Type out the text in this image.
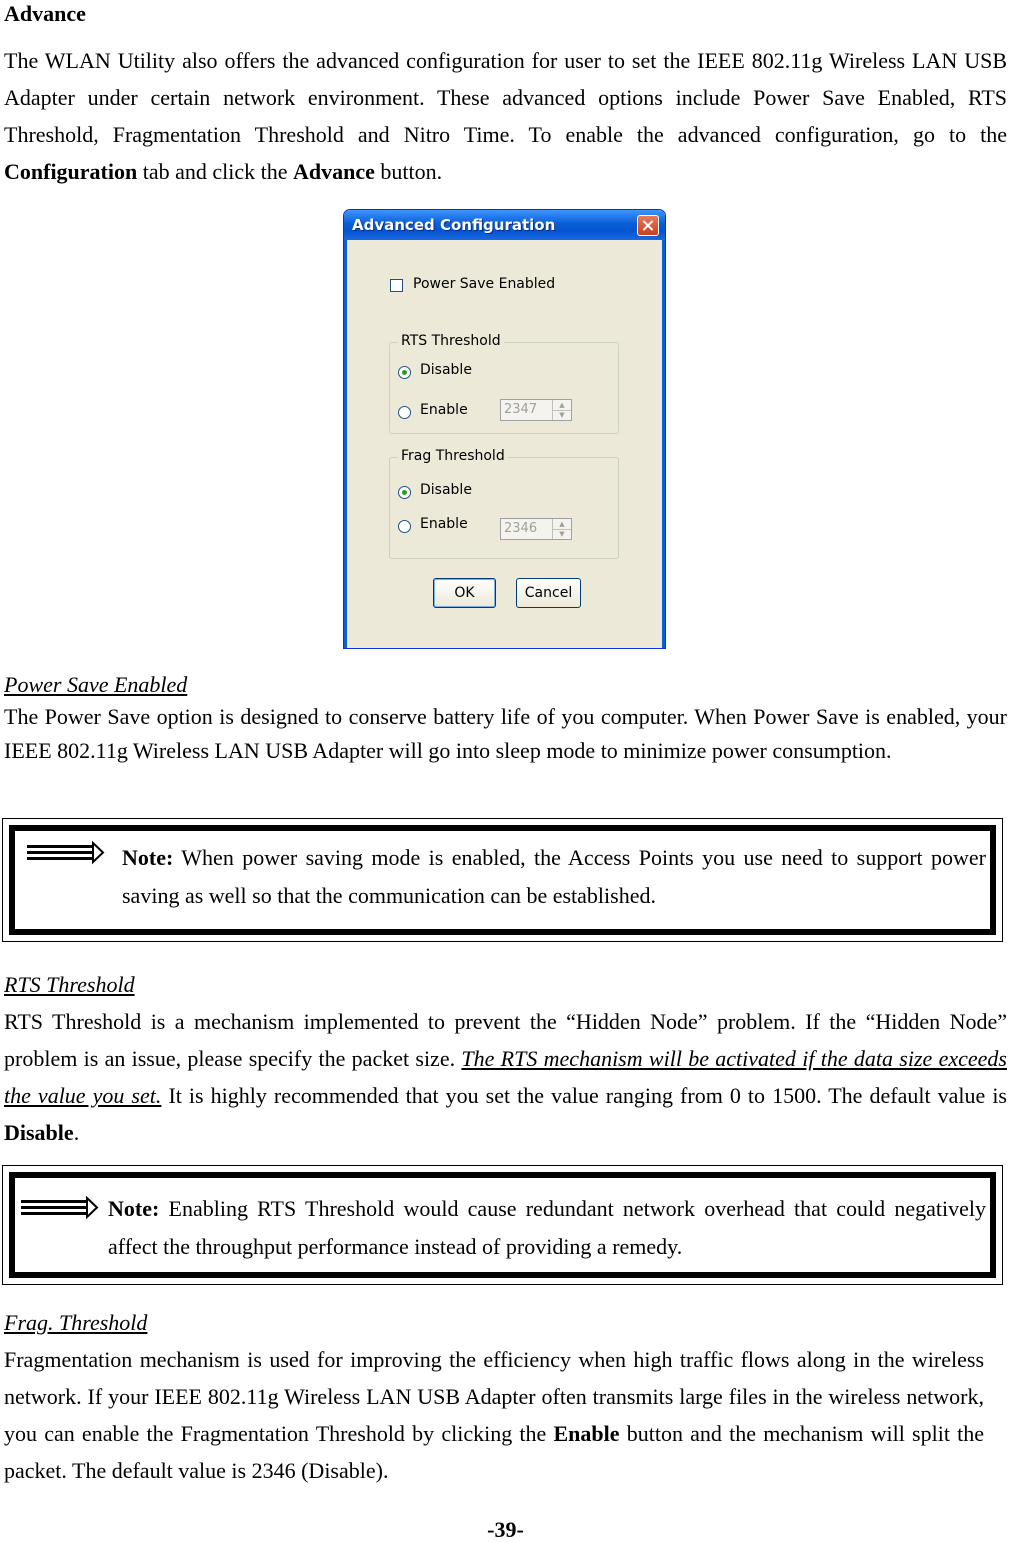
Advance
The WLAN Utility also offers the advanced configuration for user to set the IEEE 802.11g Wireless LAN USB Adapter under certain network environment. These advanced options include Power Save Enabled, RTS Threshold, Fragmentation Threshold and Nitro Time. To enable the advanced configuration, go to the Configuration tab and click the Advance button.
Advanced Configuration
Power Save Enabled
RTS Threshold
Disable
Enable	2347	▲
▼
Frag Threshold
Disable
Enable	2346	▲
▼
OK	Cancel
Power Save Enabled
The Power Save option is designed to conserve battery life of you computer. When Power Save is enabled, your IEEE 802.11g Wireless LAN USB Adapter will go into sleep mode to minimize power consumption.
Note: When power saving mode is enabled, the Access Points you use need to support power saving as well so that the communication can be established.
RTS Threshold
RTS Threshold is a mechanism implemented to prevent the “Hidden Node” problem. If the “Hidden Node” problem is an issue, please specify the packet size. The RTS mechanism will be activated if the data size exceeds the value you set. It is highly recommended that you set the value ranging from 0 to 1500. The default value is Disable.
Note: Enabling RTS Threshold would cause redundant network overhead that could negatively affect the throughput performance instead of providing a remedy.
Frag. Threshold
Fragmentation mechanism is used for improving the efficiency when high traffic flows along in the wireless network. If your IEEE 802.11g Wireless LAN USB Adapter often transmits large files in the wireless network, you can enable the Fragmentation Threshold by clicking the Enable button and the mechanism will split the packet. The default value is 2346 (Disable).
-39-
